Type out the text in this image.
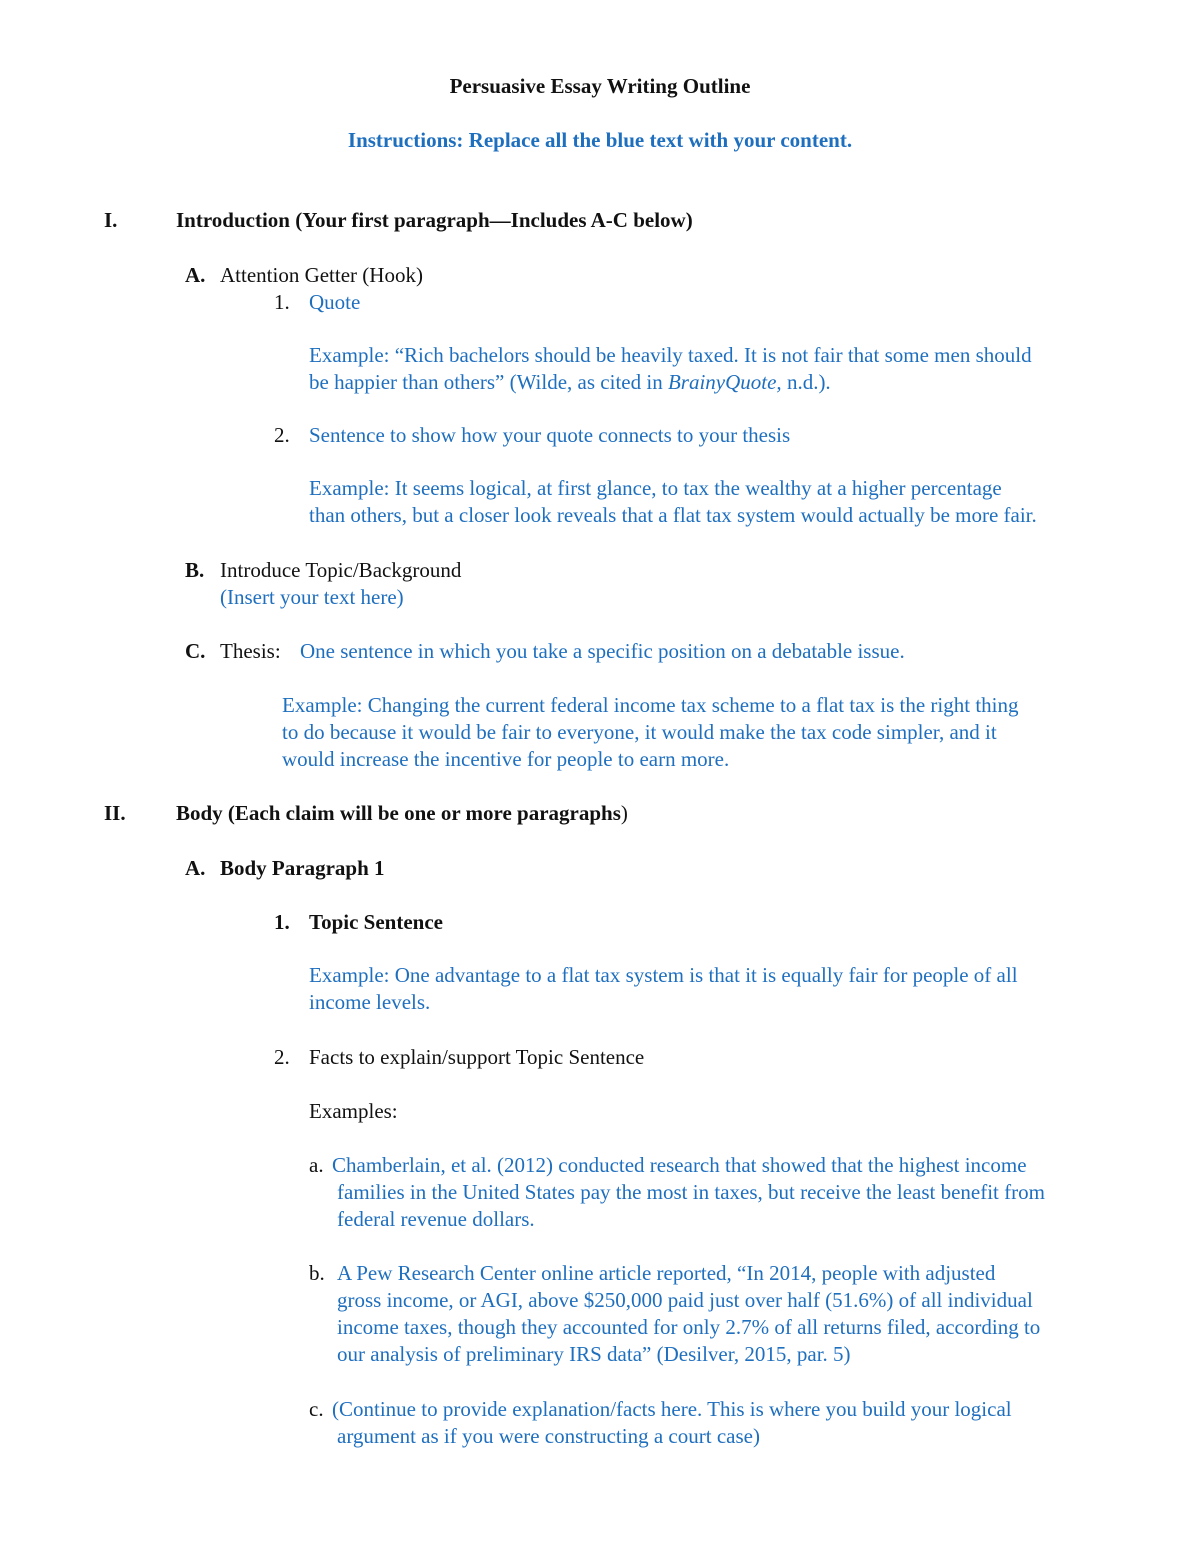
Persuasive Essay Writing Outline
Instructions: Replace all the blue text with your content.
I.	Introduction (Your first paragraph—Includes A-C below)
A. Attention Getter (Hook)
1. Quote
Example: “Rich bachelors should be heavily taxed. It is not fair that some men should
be happier than others” (Wilde, as cited in BrainyQuote, n.d.).
2. Sentence to show how your quote connects to your thesis
Example: It seems logical, at first glance, to tax the wealthy at a higher percentage
than others, but a closer look reveals that a flat tax system would actually be more fair.
B. Introduce Topic/Background
(Insert your text here)
C. Thesis: One sentence in which you take a specific position on a debatable issue.
Example: Changing the current federal income tax scheme to a flat tax is the right thing
to do because it would be fair to everyone, it would make the tax code simpler, and it
would increase the incentive for people to earn more.
II. Body (Each claim will be one or more paragraphs)
A. Body Paragraph 1
1. Topic Sentence
Example: One advantage to a flat tax system is that it is equally fair for people of all
income levels.
2. Facts to explain/support Topic Sentence
Examples:
a. Chamberlain, et al. (2012) conducted research that showed that the highest income
families in the United States pay the most in taxes, but receive the least benefit from
federal revenue dollars.
b. A Pew Research Center online article reported, “In 2014, people with adjusted
gross income, or AGI, above $250,000 paid just over half (51.6%) of all individual
income taxes, though they accounted for only 2.7% of all returns filed, according to
our analysis of preliminary IRS data” (Desilver, 2015, par. 5)
c. (Continue to provide explanation/facts here. This is where you build your logical
argument as if you were constructing a court case)
